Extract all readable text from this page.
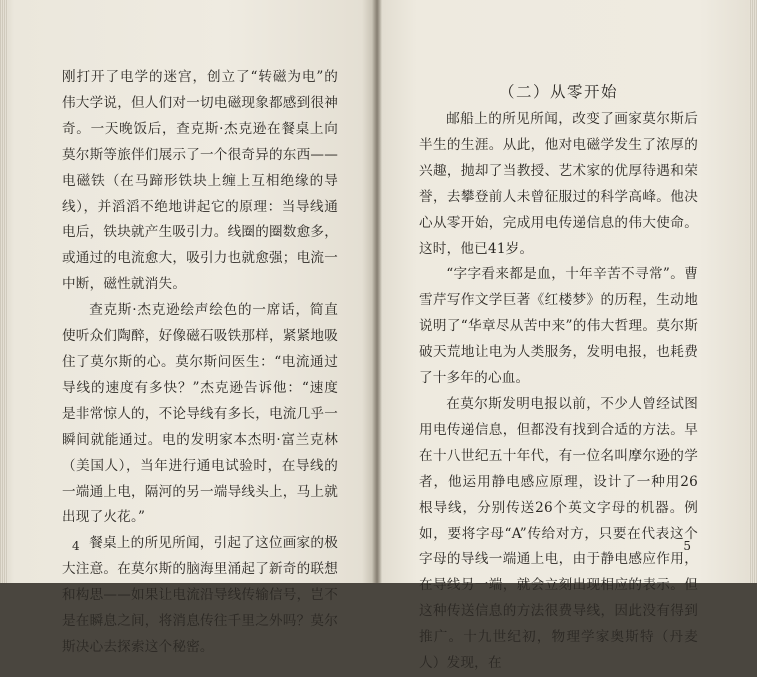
刚打开了电学的迷宫，创立了“转磁为电”的伟大学说，但人们对一切电磁现象都感到很神奇。一天晚饭后，查克斯·杰克逊在餐桌上向莫尔斯等旅伴们展示了一个很奇异的东西——电磁铁（在马蹄形铁块上缠上互相绝缘的导线），并滔滔不绝地讲起它的原理：当导线通电后，铁块就产生吸引力。线圈的圈数愈多，或通过的电流愈大，吸引力也就愈强；电流一中断，磁性就消失。

查克斯·杰克逊绘声绘色的一席话，简直使听众们陶醉，好像磁石吸铁那样，紧紧地吸住了莫尔斯的心。莫尔斯问医生：“电流通过导线的速度有多快？”杰克逊告诉他：“速度是非常惊人的，不论导线有多长，电流几乎一瞬间就能通过。电的发明家本杰明·富兰克林（美国人），当年进行通电试验时，在导线的一端通上电，隔河的另一端导线头上，马上就出现了火花。”

餐桌上的所见所闻，引起了这位画家的极大注意。在莫尔斯的脑海里涌起了新奇的联想和构思——如果让电流沿导线传输信号，岂不是在瞬息之间，将消息传往千里之外吗？莫尔斯决心去探索这个秘密。

4
（二）从零开始

邮船上的所见所闻，改变了画家莫尔斯后半生的生涯。从此，他对电磁学发生了浓厚的兴趣，抛却了当教授、艺术家的优厚待遇和荣誉，去攀登前人未曾征服过的科学高峰。他决心从零开始，完成用电传递信息的伟大使命。这时，他已41岁。

“字字看来都是血，十年辛苦不寻常”。曹雪芹写作文学巨著《红楼梦》的历程，生动地说明了“华章尽从苦中来”的伟大哲理。莫尔斯破天荒地让电为人类服务，发明电报，也耗费了十多年的心血。

在莫尔斯发明电报以前，不少人曾经试图用电传递信息，但都没有找到合适的方法。早在十八世纪五十年代，有一位名叫摩尔逊的学者，他运用静电感应原理，设计了一种用26根导线，分别传送26个英文字母的机器。例如，要将字母“A”传给对方，只要在代表这个字母的导线一端通上电，由于静电感应作用，在导线另一端，就会立刻出现相应的表示。但这种传送信息的方法很费导线，因此没有得到推广。十九世纪初，物理学家奥斯特（丹麦人）发现，在

5
